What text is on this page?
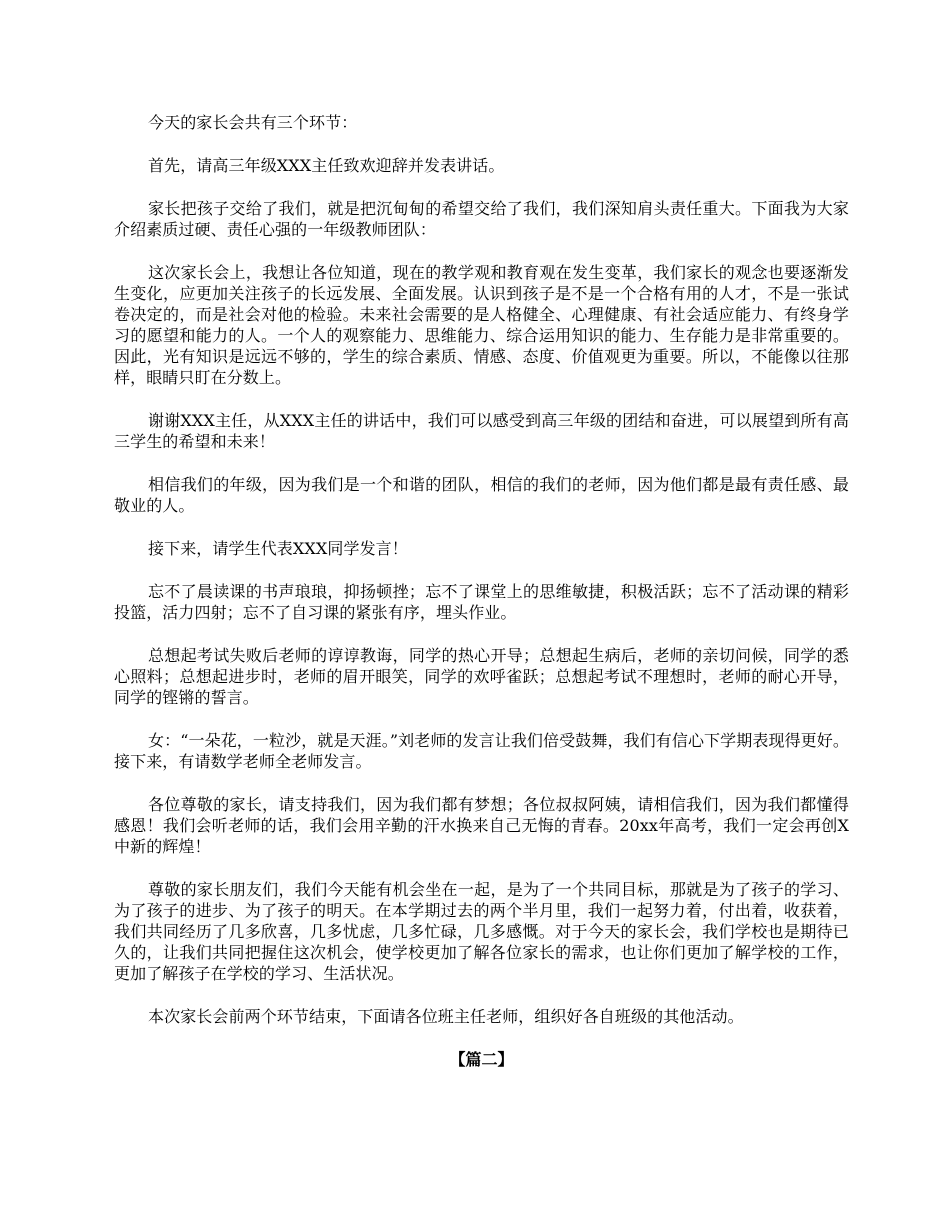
今天的家长会共有三个环节：

首先，请高三年级XXX主任致欢迎辞并发表讲话。

家长把孩子交给了我们，就是把沉甸甸的希望交给了我们，我们深知肩头责任重大。下面我为大家介绍素质过硬、责任心强的一年级教师团队：

这次家长会上，我想让各位知道，现在的教学观和教育观在发生变革，我们家长的观念也要逐渐发生变化，应更加关注孩子的长远发展、全面发展。认识到孩子是不是一个合格有用的人才，不是一张试卷决定的，而是社会对他的检验。未来社会需要的是人格健全、心理健康、有社会适应能力、有终身学习的愿望和能力的人。一个人的观察能力、思维能力、综合运用知识的能力、生存能力是非常重要的。因此，光有知识是远远不够的，学生的综合素质、情感、态度、价值观更为重要。所以，不能像以往那样，眼睛只盯在分数上。

谢谢XXX主任，从XXX主任的讲话中，我们可以感受到高三年级的团结和奋进，可以展望到所有高三学生的希望和未来！

相信我们的年级，因为我们是一个和谐的团队，相信的我们的老师，因为他们都是最有责任感、最敬业的人。

接下来，请学生代表XXX同学发言！

忘不了晨读课的书声琅琅，抑扬顿挫；忘不了课堂上的思维敏捷，积极活跃；忘不了活动课的精彩投篮，活力四射；忘不了自习课的紧张有序，埋头作业。

总想起考试失败后老师的谆谆教诲，同学的热心开导；总想起生病后，老师的亲切问候，同学的悉心照料；总想起进步时，老师的眉开眼笑，同学的欢呼雀跃；总想起考试不理想时，老师的耐心开导，同学的铿锵的誓言。

女：“一朵花，一粒沙，就是天涯。”刘老师的发言让我们倍受鼓舞，我们有信心下学期表现得更好。接下来，有请数学老师全老师发言。

各位尊敬的家长，请支持我们，因为我们都有梦想；各位叔叔阿姨，请相信我们，因为我们都懂得感恩！我们会听老师的话，我们会用辛勤的汗水换来自己无悔的青春。20xx年高考，我们一定会再创X中新的辉煌！

尊敬的家长朋友们，我们今天能有机会坐在一起，是为了一个共同目标，那就是为了孩子的学习、为了孩子的进步、为了孩子的明天。在本学期过去的两个半月里，我们一起努力着，付出着，收获着，我们共同经历了几多欣喜，几多忧虑，几多忙碌，几多感慨。对于今天的家长会，我们学校也是期待已久的，让我们共同把握住这次机会，使学校更加了解各位家长的需求，也让你们更加了解学校的工作，更加了解孩子在学校的学习、生活状况。

本次家长会前两个环节结束，下面请各位班主任老师，组织好各自班级的其他活动。

【篇二】
